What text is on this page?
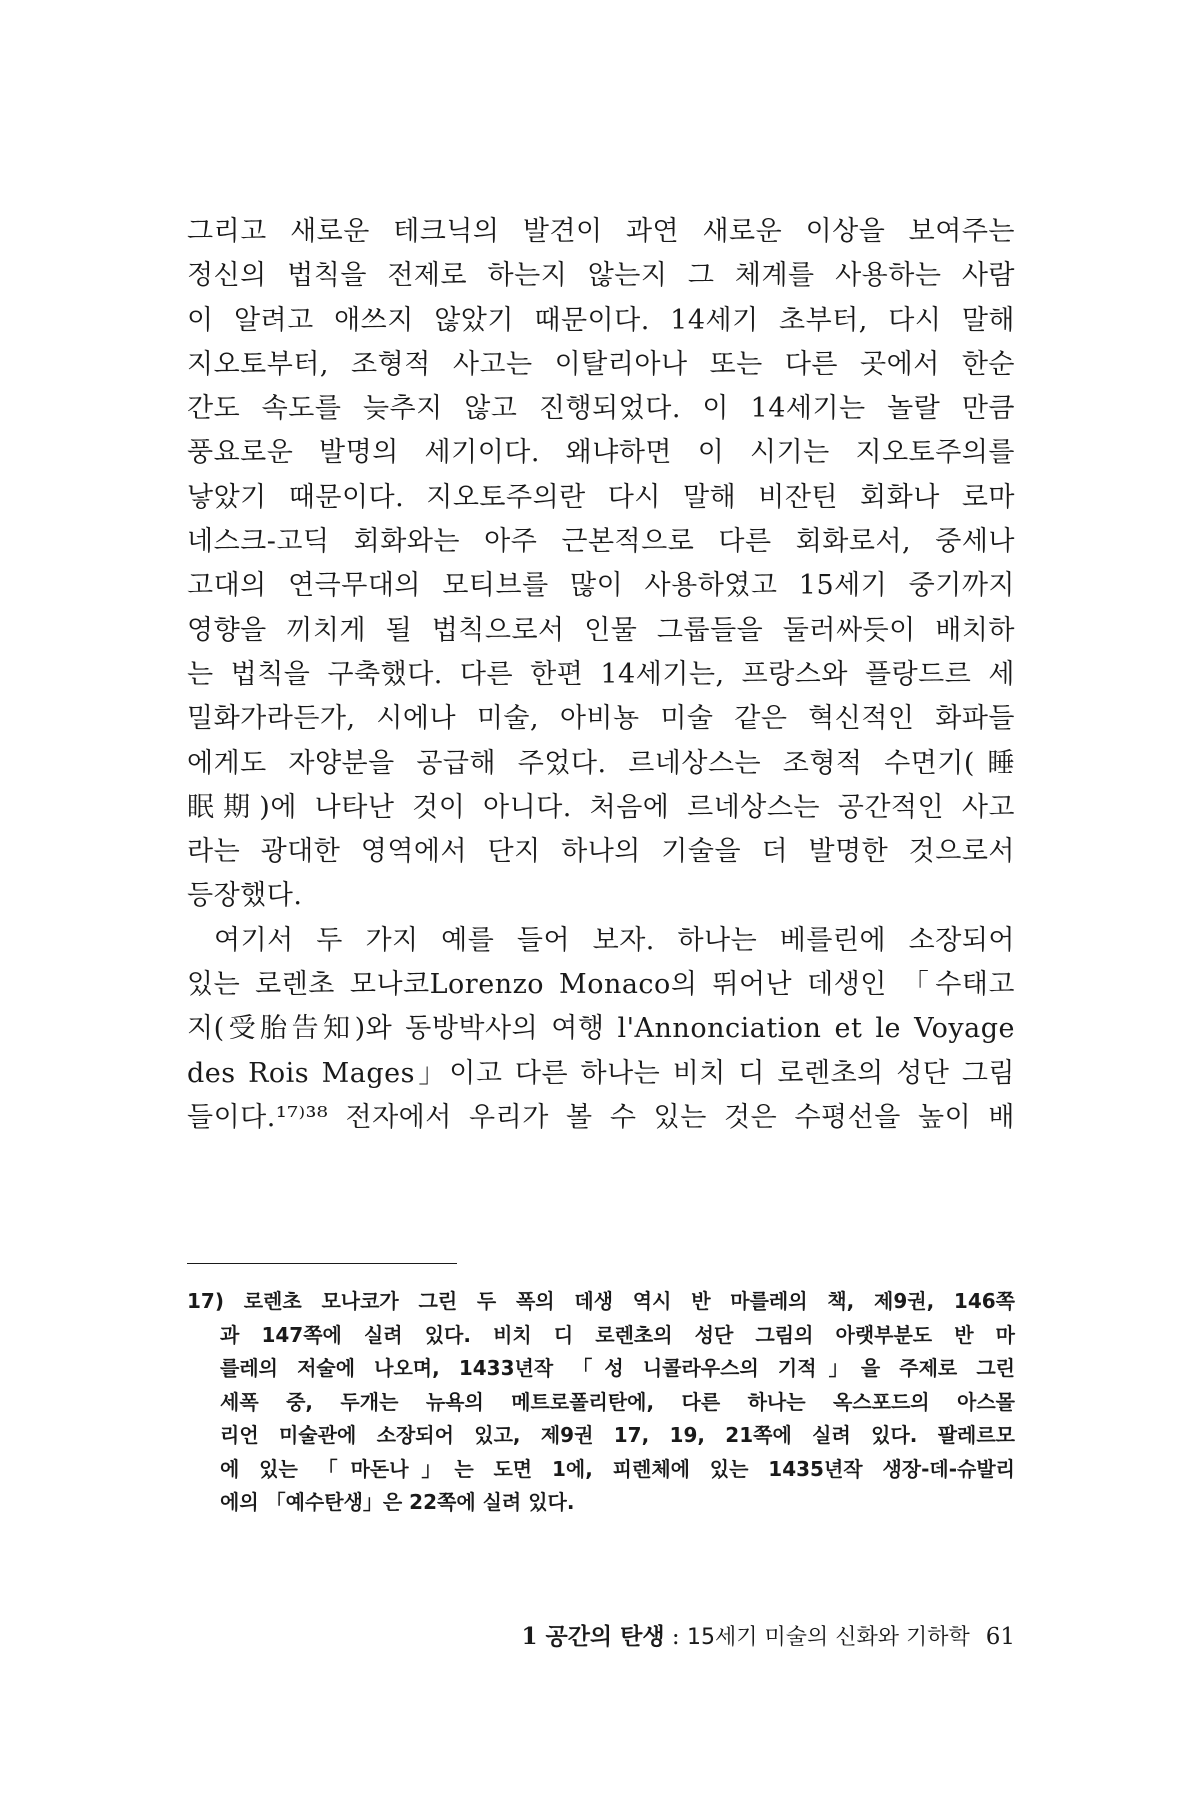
그리고 새로운 테크닉의 발견이 과연 새로운 이상을 보여주는
정신의 법칙을 전제로 하는지 않는지 그 체계를 사용하는 사람
이 알려고 애쓰지 않았기 때문이다. 14세기 초부터, 다시 말해
지오토부터, 조형적 사고는 이탈리아나 또는 다른 곳에서 한순
간도 속도를 늦추지 않고 진행되었다. 이 14세기는 놀랄 만큼
풍요로운 발명의 세기이다. 왜냐하면 이 시기는 지오토주의를
낳았기 때문이다. 지오토주의란 다시 말해 비잔틴 회화나 로마
네스크-고딕 회화와는 아주 근본적으로 다른 회화로서, 중세나
고대의 연극무대의 모티브를 많이 사용하였고 15세기 중기까지
영향을 끼치게 될 법칙으로서 인물 그룹들을 둘러싸듯이 배치하
는 법칙을 구축했다. 다른 한편 14세기는, 프랑스와 플랑드르 세
밀화가라든가, 시에나 미술, 아비뇽 미술 같은 혁신적인 화파들
에게도 자양분을 공급해 주었다. 르네상스는 조형적 수면기(睡
眠期)에 나타난 것이 아니다. 처음에 르네상스는 공간적인 사고
라는 광대한 영역에서 단지 하나의 기술을 더 발명한 것으로서
등장했다.
여기서 두 가지 예를 들어 보자. 하나는 베를린에 소장되어
있는 로렌초 모나코Lorenzo Monaco의 뛰어난 데생인 「수태고
지(受胎告知)와 동방박사의 여행 l'Annonciation et le Voyage
des Rois Mages」이고 다른 하나는 비치 디 로렌초의 성단 그림
들이다.¹⁷⁾³⁸ 전자에서 우리가 볼 수 있는 것은 수평선을 높이 배
17) 로렌초 모나코가 그린 두 폭의 데생 역시 반 마를레의 책, 제9권, 146쪽
과 147쪽에 실려 있다. 비치 디 로렌초의 성단 그림의 아랫부분도 반 마
를레의 저술에 나오며, 1433년작 「성 니콜라우스의 기적」을 주제로 그린
세폭 중, 두개는 뉴욕의 메트로폴리탄에, 다른 하나는 옥스포드의 아스몰
리언 미술관에 소장되어 있고, 제9권 17, 19, 21쪽에 실려 있다. 팔레르모
에 있는 「마돈나」는 도면 1에, 피렌체에 있는 1435년작 생장-데-슈발리
에의 「예수탄생」은 22쪽에 실려 있다.
1 공간의 탄생 : 15세기 미술의 신화와 기하학 61
